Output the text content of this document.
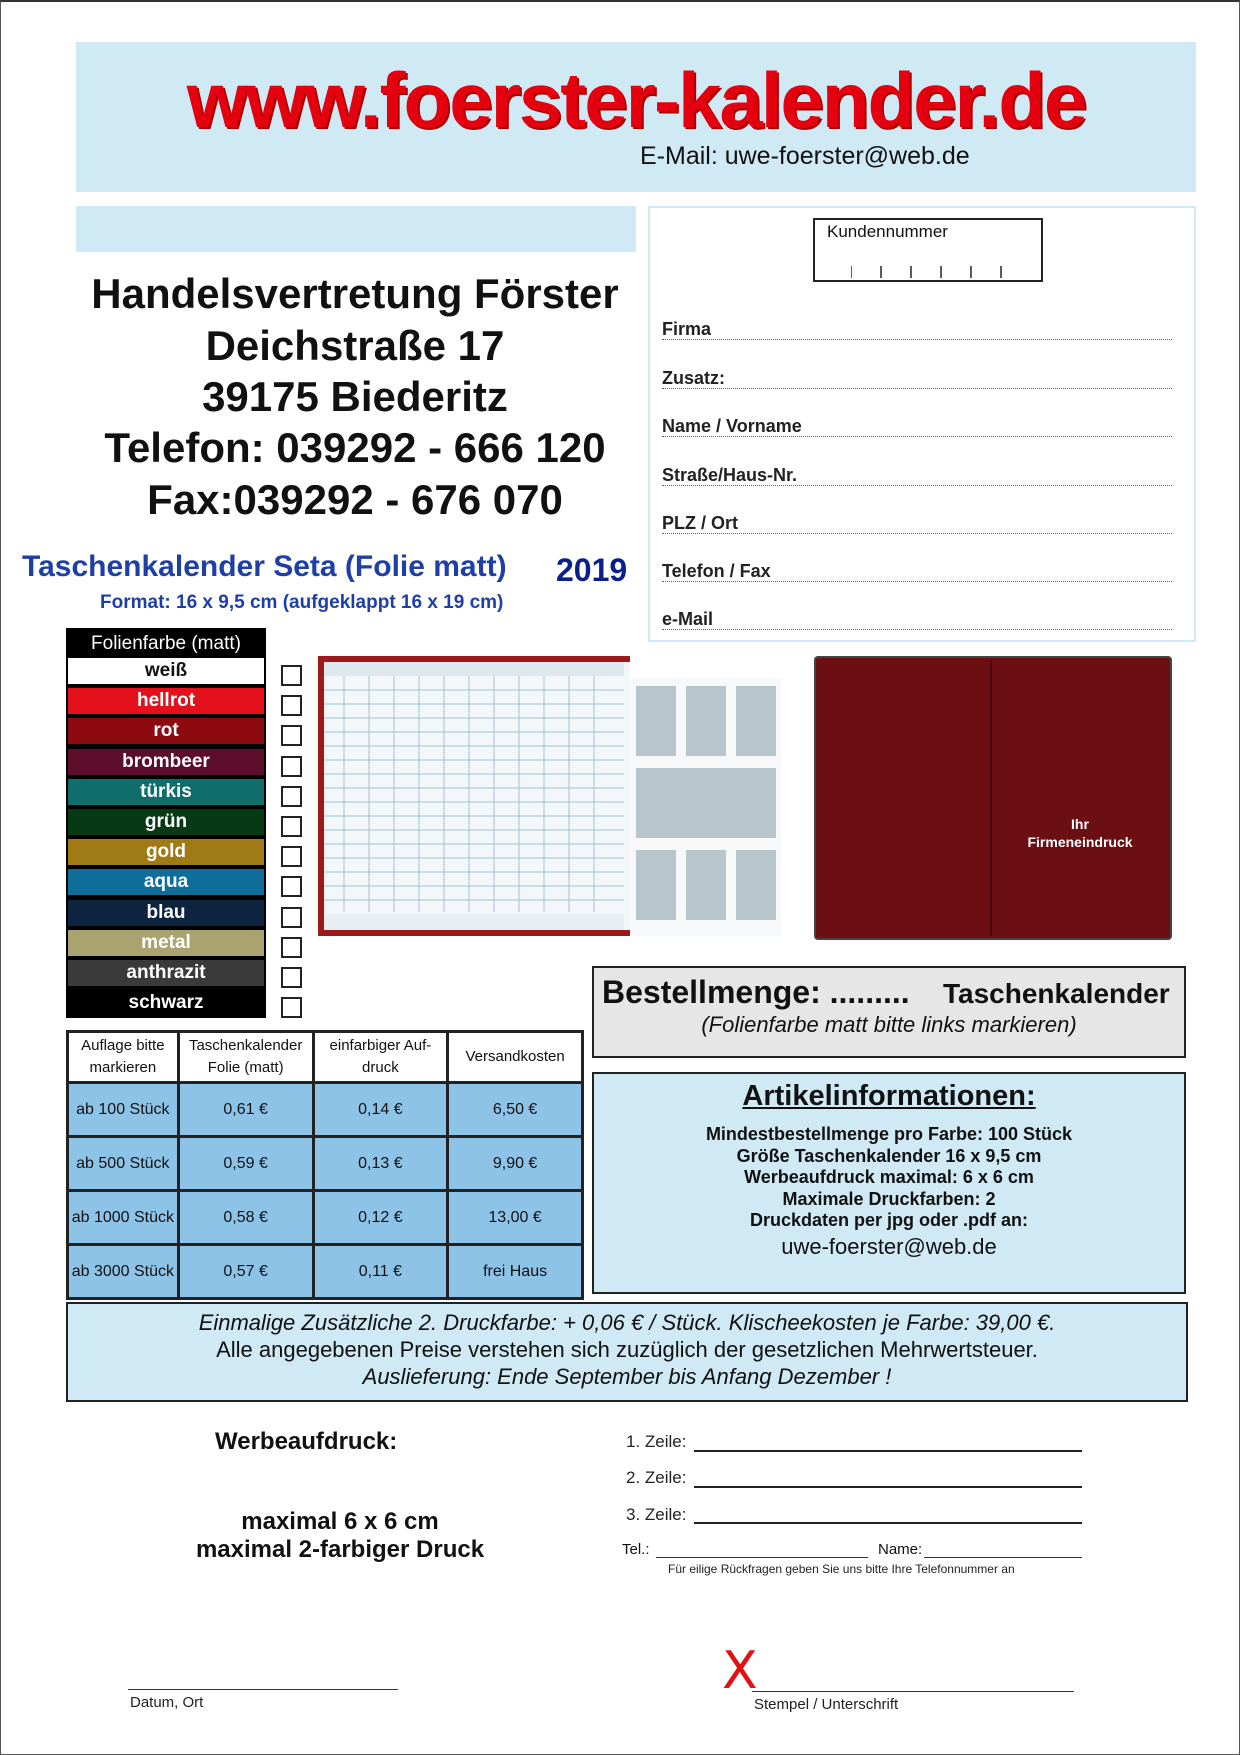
www.foerster-kalender.de
E-Mail: uwe-foerster@web.de
Handelsvertretung Förster
Deichstraße 17
39175 Biederitz
Telefon: 039292 - 666 120
Fax:039292 - 676 070
Taschenkalender Seta (Folie matt) 2019
Format: 16 x 9,5 cm (aufgeklappt 16 x 19 cm)
Kundennummer
Firma
Zusatz:
Name / Vorname
Straße/Haus-Nr.
PLZ / Ort
Telefon / Fax
e-Mail
Folienfarbe (matt)
weiß
hellrot
rot
brombeer
türkis
grün
gold
aqua
blau
metal
anthrazit
schwarz
Ihr
Firmeneindruck
Auflage bitte markieren	Taschenkalender Folie (matt)	einfarbiger Auf-druck	Versandkosten
ab 100 Stück	0,61 €	0,14 €	6,50 €
ab 500 Stück	0,59 €	0,13 €	9,90 €
ab 1000 Stück	0,58 €	0,12 €	13,00 €
ab 3000 Stück	0,57 €	0,11 €	frei Haus
Bestellmenge: ......... Taschenkalender
(Folienfarbe matt bitte links markieren)
Artikelinformationen:
Mindestbestellmenge pro Farbe: 100 Stück
Größe Taschenkalender 16 x 9,5 cm
Werbeaufdruck maximal: 6 x 6 cm
Maximale Druckfarben: 2
Druckdaten per jpg oder .pdf an:
uwe-foerster@web.de
Einmalige Zusätzliche 2. Druckfarbe: + 0,06 € / Stück. Klischeekosten je Farbe: 39,00 €.
Alle angegebenen Preise verstehen sich zuzüglich der gesetzlichen Mehrwertsteuer.
Auslieferung: Ende September bis Anfang Dezember !
Werbeaufdruck:
maximal 6 x 6 cm
maximal 2-farbiger Druck
1. Zeile:
2. Zeile:
3. Zeile:
Tel.:	Name:
Für eilige Rückfragen geben Sie uns bitte Ihre Telefonnummer an
Datum, Ort
X
Stempel / Unterschrift
